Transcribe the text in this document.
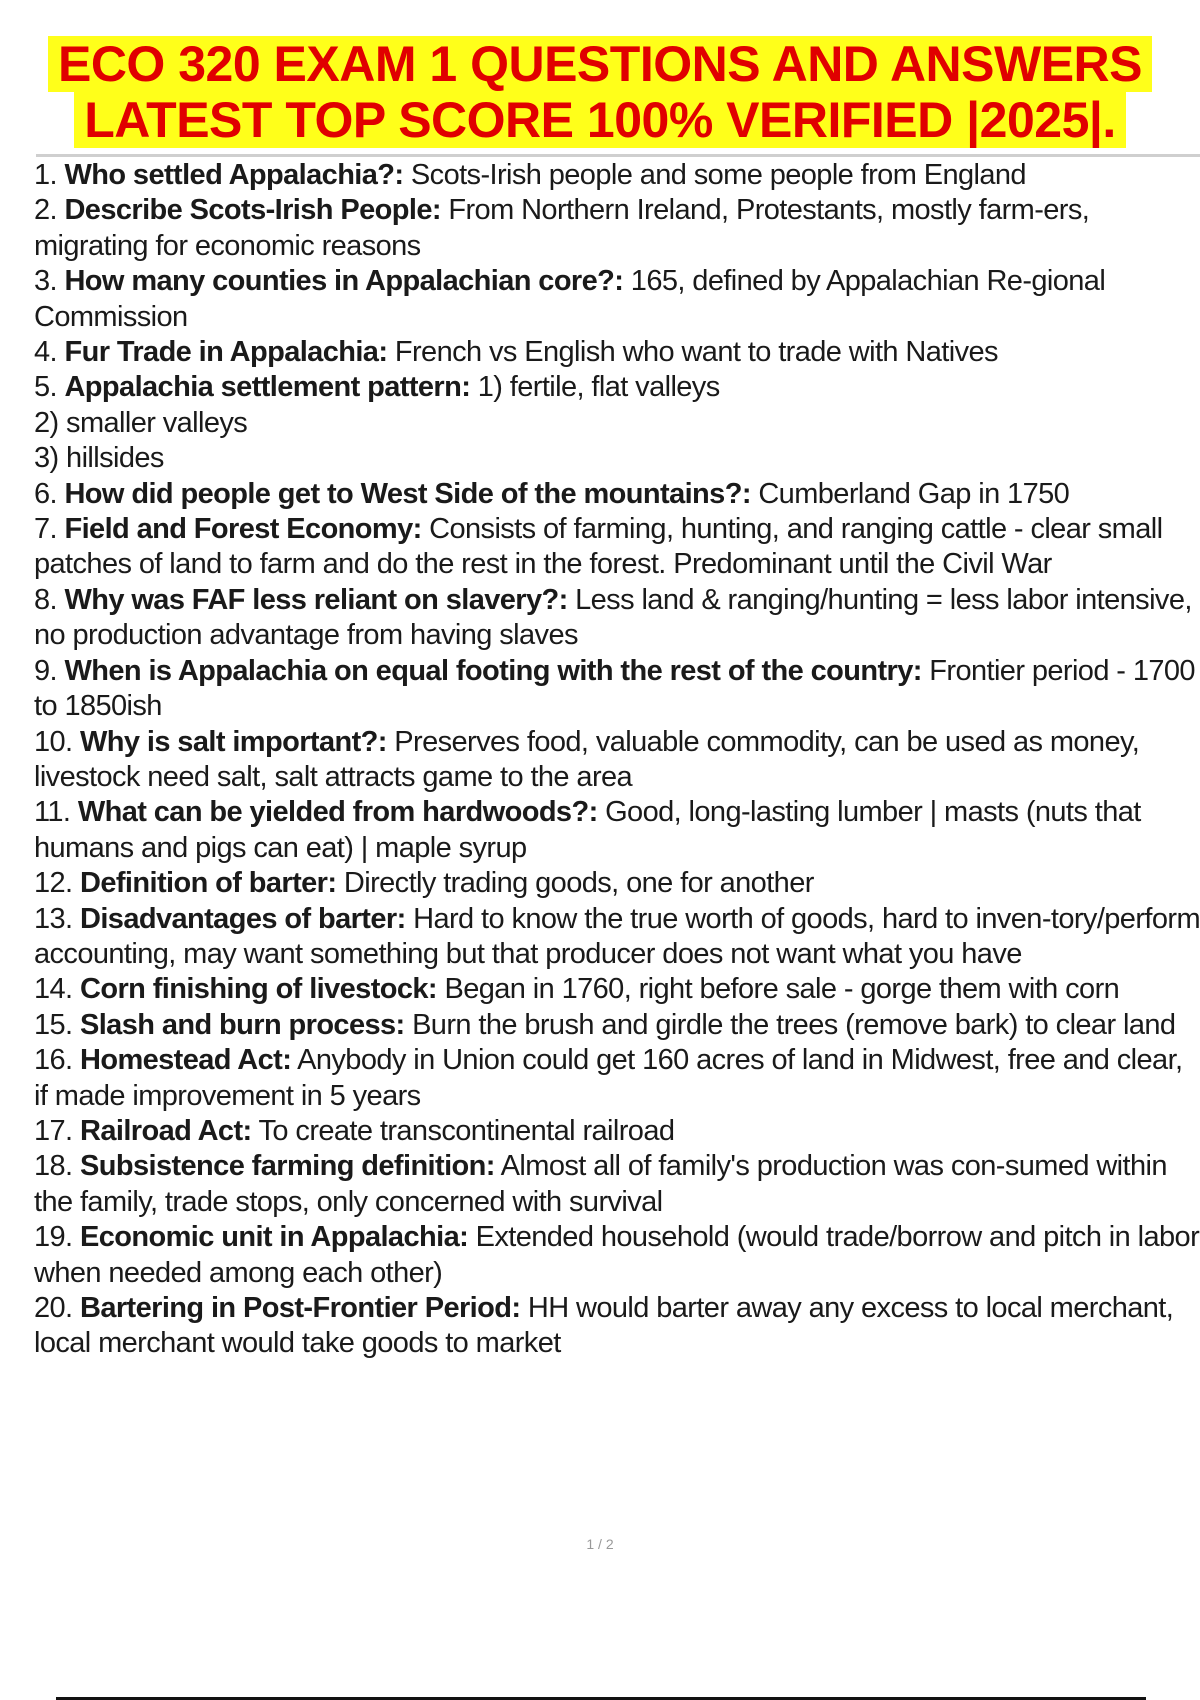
ECO 320 EXAM 1 QUESTIONS AND ANSWERS
LATEST TOP SCORE 100% VERIFIED |2025|.

1. Who settled Appalachia?: Scots-Irish people and some people from England

2. Describe Scots-Irish People: From Northern Ireland, Protestants, mostly farm-ers, migrating for economic reasons

3. How many counties in Appalachian core?: 165, defined by Appalachian Re-gional Commission

4. Fur Trade in Appalachia: French vs English who want to trade with Natives

5. Appalachia settlement pattern: 1) fertile, flat valleys
2) smaller valleys
3) hillsides

6. How did people get to West Side of the mountains?: Cumberland Gap in 1750

7. Field and Forest Economy: Consists of farming, hunting, and ranging cattle - clear small patches of land to farm and do the rest in the forest. Predominant until the Civil War

8. Why was FAF less reliant on slavery?: Less land & ranging/hunting = less labor intensive, no production advantage from having slaves

9. When is Appalachia on equal footing with the rest of the country: Frontier period - 1700 to 1850ish

10. Why is salt important?: Preserves food, valuable commodity, can be used as money, livestock need salt, salt attracts game to the area

11. What can be yielded from hardwoods?: Good, long-lasting lumber | masts (nuts that humans and pigs can eat) | maple syrup

12. Definition of barter: Directly trading goods, one for another

13. Disadvantages of barter: Hard to know the true worth of goods, hard to inven-tory/perform accounting, may want something but that producer does not want what you have

14. Corn finishing of livestock: Began in 1760, right before sale - gorge them with corn

15. Slash and burn process: Burn the brush and girdle the trees (remove bark) to clear land

16. Homestead Act: Anybody in Union could get 160 acres of land in Midwest, free and clear, if made improvement in 5 years

17. Railroad Act: To create transcontinental railroad

18. Subsistence farming definition: Almost all of family's production was con-sumed within the family, trade stops, only concerned with survival

19. Economic unit in Appalachia: Extended household (would trade/borrow and pitch in labor when needed among each other)

20. Bartering in Post-Frontier Period: HH would barter away any excess to local merchant, local merchant would take goods to market

1 / 2
